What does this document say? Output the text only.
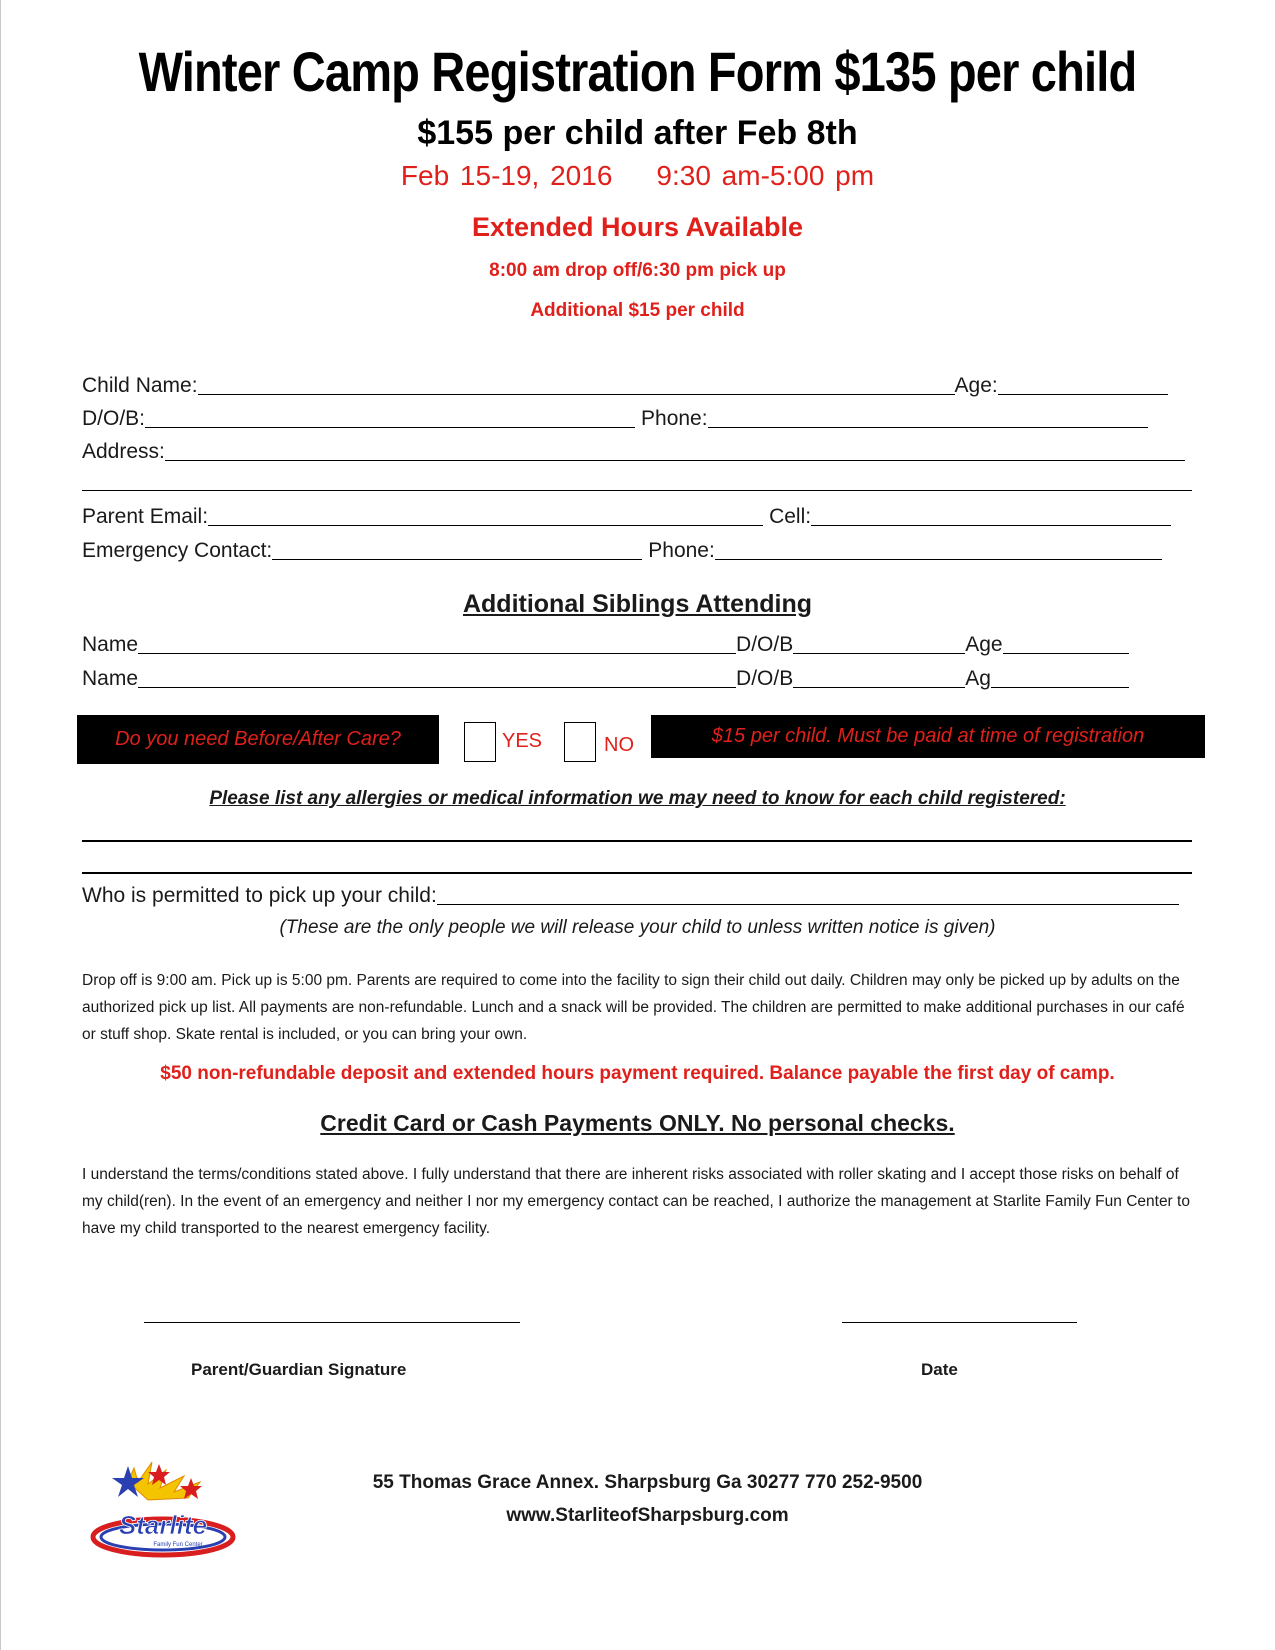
Winter Camp Registration Form $135 per child
$155 per child after Feb 8th
Feb 15-19, 2016 9:30 am-5:00 pm
Extended Hours Available
8:00 am drop off/6:30 pm pick up
Additional $15 per child
Child Name:	Age:
D/O/B:	Phone:
Address:
Parent Email:	Cell:
Emergency Contact:	Phone:
Additional Siblings Attending
Name	D/O/B	Age
Name	D/O/B	Ag
Do you need Before/After Care?	YES	NO	$15 per child. Must be paid at time of registration
Please list any allergies or medical information we may need to know for each child registered:
Who is permitted to pick up your child:
(These are the only people we will release your child to unless written notice is given)
Drop off is 9:00 am. Pick up is 5:00 pm. Parents are required to come into the facility to sign their child out daily. Children may only be picked up by adults on the authorized pick up list. All payments are non-refundable. Lunch and a snack will be provided. The children are permitted to make additional purchases in our café or stuff shop. Skate rental is included, or you can bring your own.
$50 non-refundable deposit and extended hours payment required. Balance payable the first day of camp.
Credit Card or Cash Payments ONLY. No personal checks.
I understand the terms/conditions stated above. I fully understand that there are inherent risks associated with roller skating and I accept those risks on behalf of my child(ren). In the event of an emergency and neither I nor my emergency contact can be reached, I authorize the management at Starlite Family Fun Center to have my child transported to the nearest emergency facility.
Parent/Guardian Signature	Date
Starlite
Family Fun Center
55 Thomas Grace Annex. Sharpsburg Ga 30277 770 252-9500
www.StarliteofSharpsburg.com
